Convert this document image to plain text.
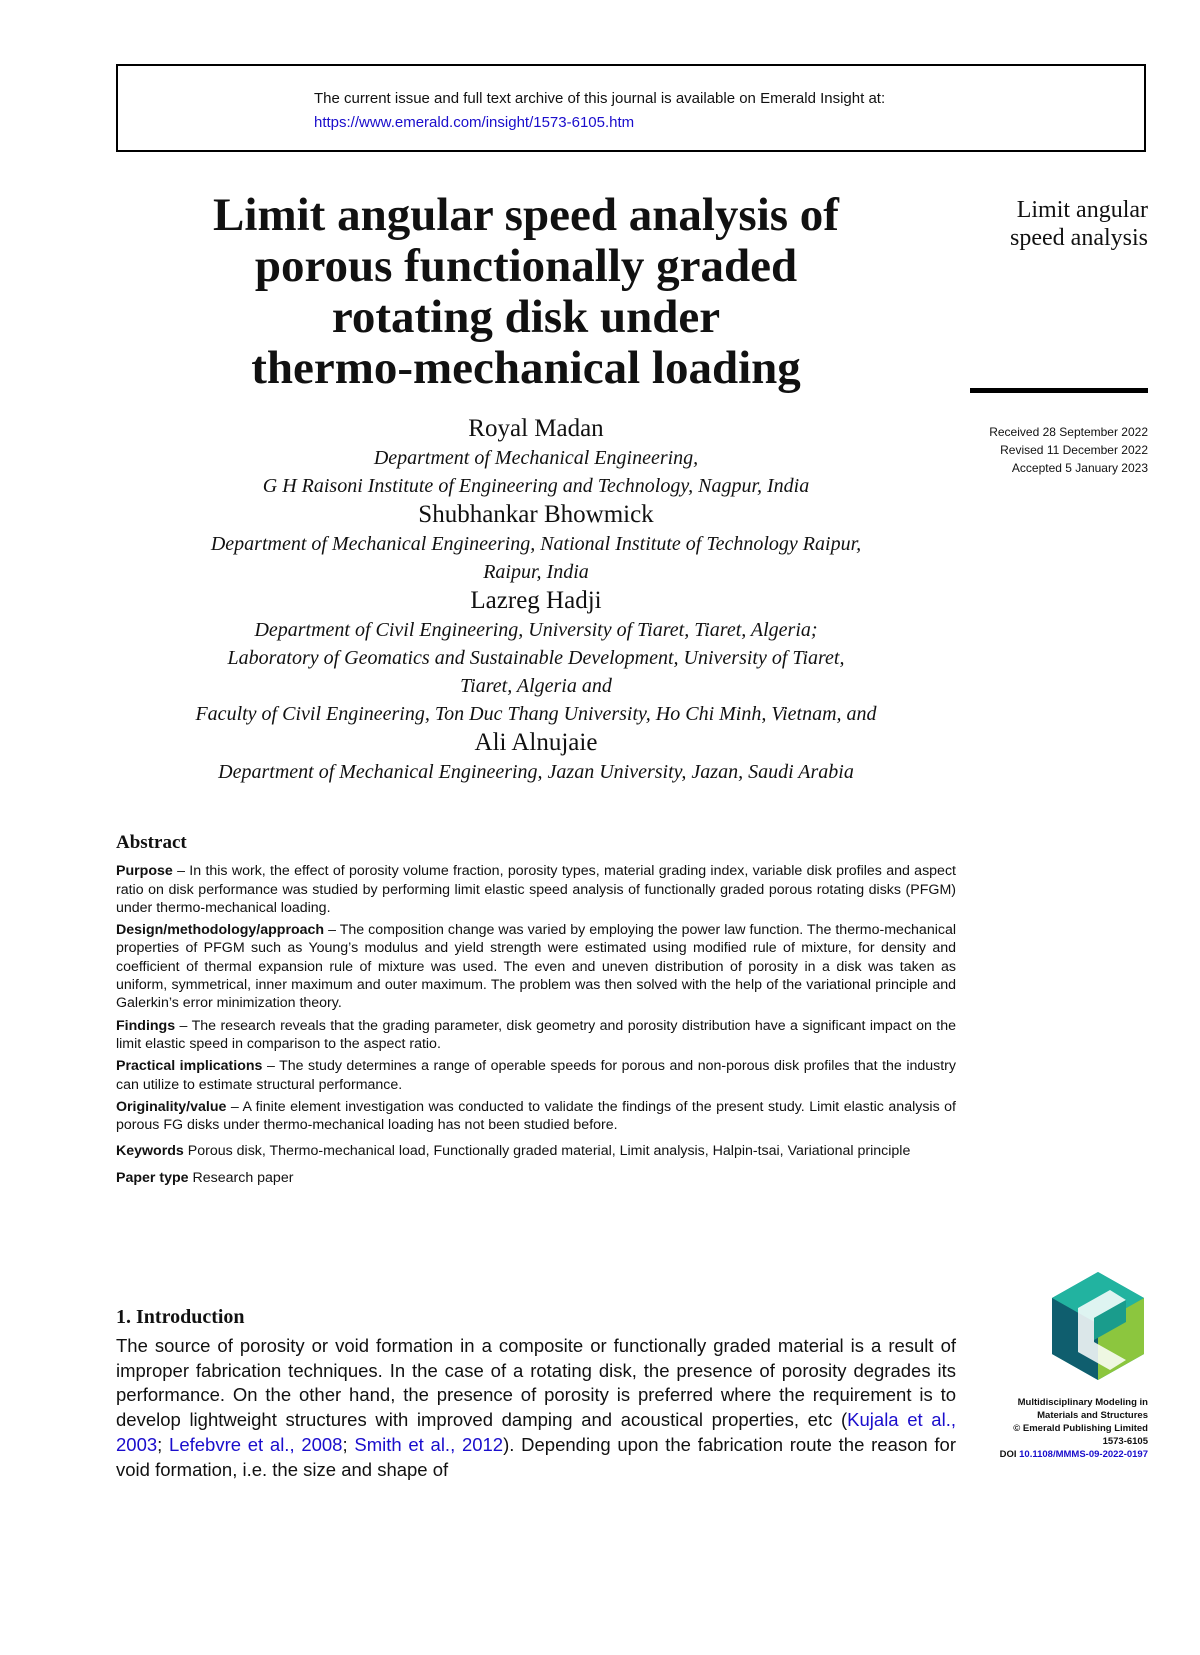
The current issue and full text archive of this journal is available on Emerald Insight at:
https://www.emerald.com/insight/1573-6105.htm
Limit angular speed analysis of
porous functionally graded
rotating disk under
thermo-mechanical loading
Limit angular
speed analysis
Received 28 September 2022
Revised 11 December 2022
Accepted 5 January 2023
Royal Madan
Department of Mechanical Engineering,
G H Raisoni Institute of Engineering and Technology, Nagpur, India
Shubhankar Bhowmick
Department of Mechanical Engineering, National Institute of Technology Raipur,
Raipur, India
Lazreg Hadji
Department of Civil Engineering, University of Tiaret, Tiaret, Algeria;
Laboratory of Geomatics and Sustainable Development, University of Tiaret,
Tiaret, Algeria and
Faculty of Civil Engineering, Ton Duc Thang University, Ho Chi Minh, Vietnam, and
Ali Alnujaie
Department of Mechanical Engineering, Jazan University, Jazan, Saudi Arabia
Abstract

Purpose – In this work, the effect of porosity volume fraction, porosity types, material grading index, variable disk profiles and aspect ratio on disk performance was studied by performing limit elastic speed analysis of functionally graded porous rotating disks (PFGM) under thermo-mechanical loading.

Design/methodology/approach – The composition change was varied by employing the power law function. The thermo-mechanical properties of PFGM such as Young’s modulus and yield strength were estimated using modified rule of mixture, for density and coefficient of thermal expansion rule of mixture was used. The even and uneven distribution of porosity in a disk was taken as uniform, symmetrical, inner maximum and outer maximum. The problem was then solved with the help of the variational principle and Galerkin’s error minimization theory.

Findings – The research reveals that the grading parameter, disk geometry and porosity distribution have a significant impact on the limit elastic speed in comparison to the aspect ratio.

Practical implications – The study determines a range of operable speeds for porous and non-porous disk profiles that the industry can utilize to estimate structural performance.

Originality/value – A finite element investigation was conducted to validate the findings of the present study. Limit elastic analysis of porous FG disks under thermo-mechanical loading has not been studied before.

Keywords Porous disk, Thermo-mechanical load, Functionally graded material, Limit analysis, Halpin-tsai, Variational principle
Paper type Research paper
1. Introduction
The source of porosity or void formation in a composite or functionally graded material is a result of improper fabrication techniques. In the case of a rotating disk, the presence of porosity degrades its performance. On the other hand, the presence of porosity is preferred where the requirement is to develop lightweight structures with improved damping and acoustical properties, etc (Kujala et al., 2003; Lefebvre et al., 2008; Smith et al., 2012). Depending upon the fabrication route the reason for void formation, i.e. the size and shape of
Multidisciplinary Modeling in
Materials and Structures
© Emerald Publishing Limited
1573-6105
DOI 10.1108/MMMS-09-2022-0197
